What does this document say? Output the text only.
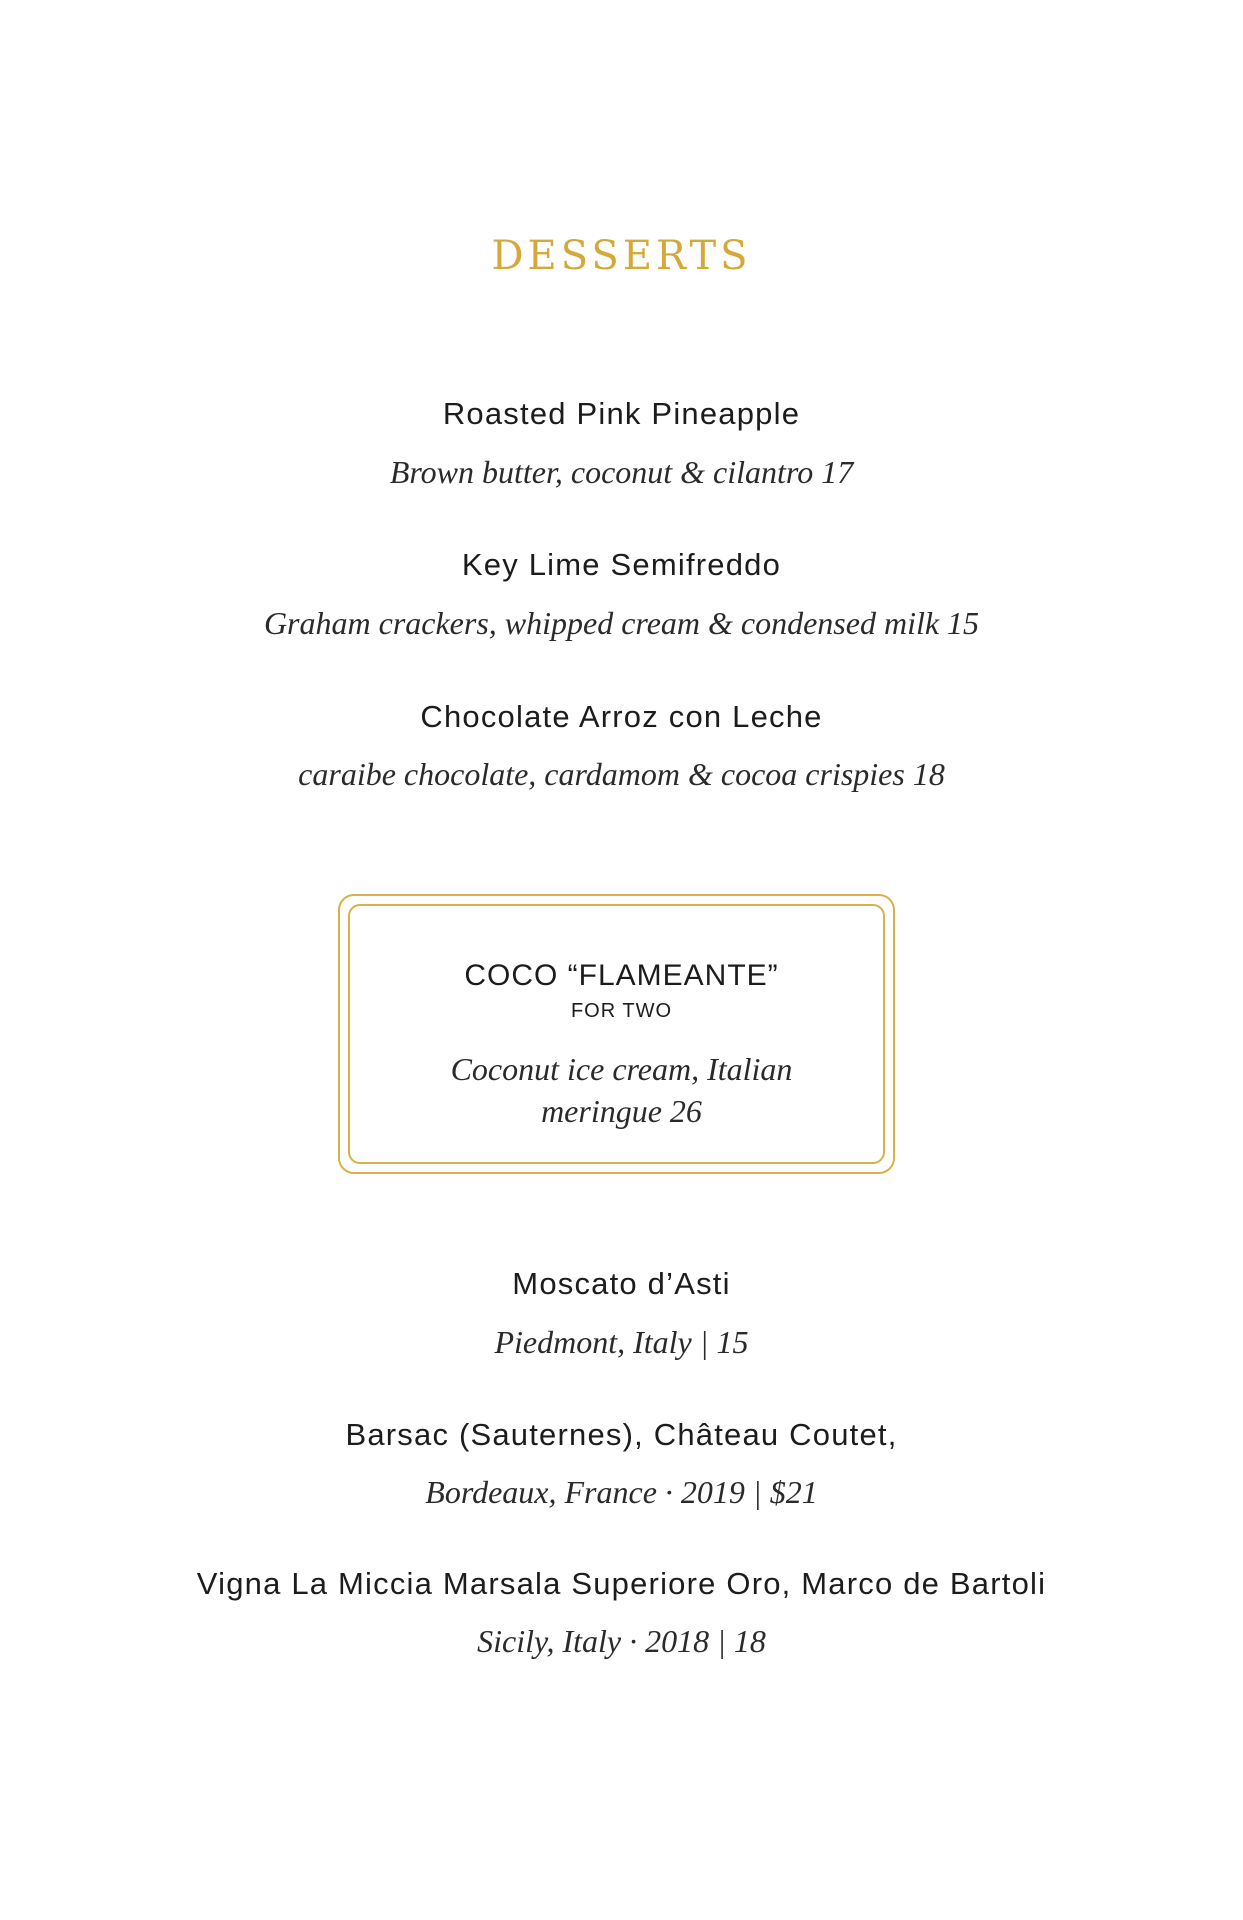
DESSERTS
Roasted Pink Pineapple
Brown butter, coconut & cilantro 17
Key Lime Semifreddo
Graham crackers, whipped cream & condensed milk 15
Chocolate Arroz con Leche
caraibe chocolate, cardamom & cocoa crispies 18
COCO “FLAMEANTE”
FOR TWO
Coconut ice cream, Italian
meringue 26
Moscato d’Asti
Piedmont, Italy | 15
Barsac (Sauternes), Château Coutet,
Bordeaux, France · 2019 | $21
Vigna La Miccia Marsala Superiore Oro, Marco de Bartoli
Sicily, Italy · 2018 | 18
